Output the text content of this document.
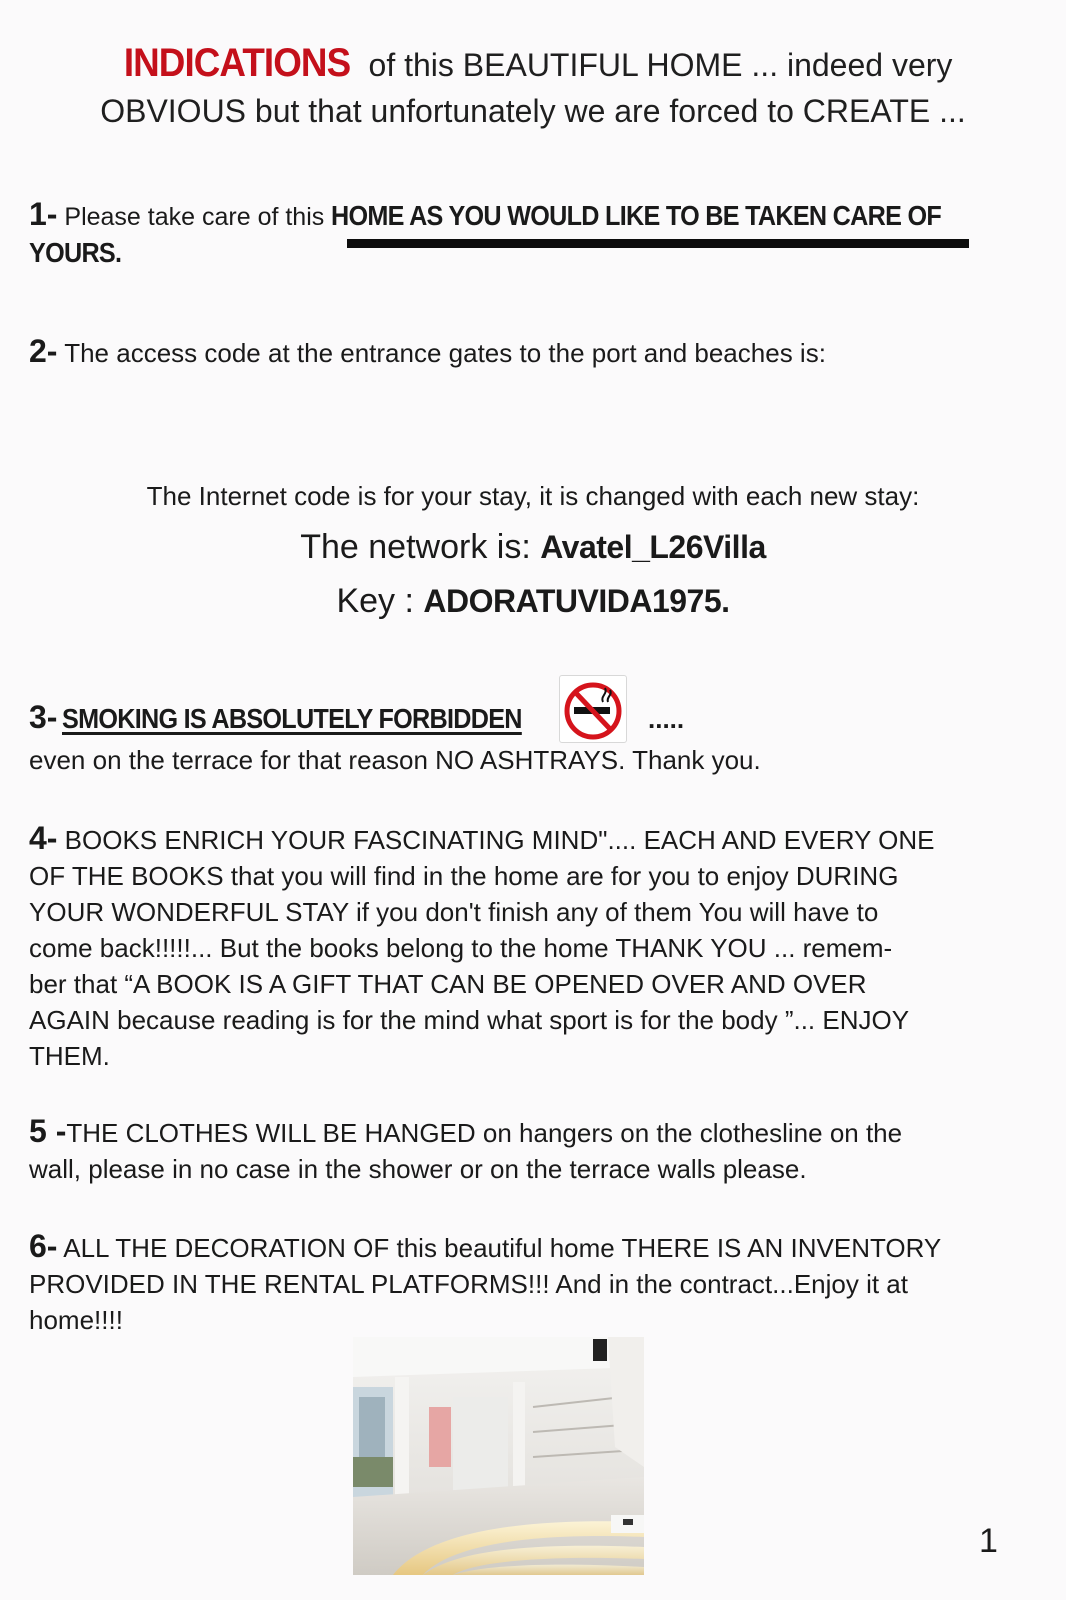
INDICATIONS of this BEAUTIFUL HOME ... indeed very
OBVIOUS but that unfortunately we are forced to CREATE ...
1- Please take care of this HOME AS YOU WOULD LIKE TO BE TAKEN CARE OF
YOURS.
2- The access code at the entrance gates to the port and beaches is:
The Internet code is for your stay, it is changed with each new stay:
The network is: Avatel_L26Villa
Key : ADORATUVIDA1975.
3- SMOKING IS ABSOLUTELY FORBIDDEN	.....
even on the terrace for that reason NO ASHTRAYS. Thank you.
4- BOOKS ENRICH YOUR FASCINATING MIND".... EACH AND EVERY ONE
OF THE BOOKS that you will find in the home are for you to enjoy DURING
YOUR WONDERFUL STAY if you don't finish any of them You will have to
come back!!!!!... But the books belong to the home THANK YOU ... remem-
ber that “A BOOK IS A GIFT THAT CAN BE OPENED OVER AND OVER
AGAIN because reading is for the mind what sport is for the body ”... ENJOY
THEM.
5 -THE CLOTHES WILL BE HANGED on hangers on the clothesline on the
wall, please in no case in the shower or on the terrace walls please.
6- ALL THE DECORATION OF this beautiful home THERE IS AN INVENTORY
PROVIDED IN THE RENTAL PLATFORMS!!! And in the contract...Enjoy it at
home!!!!
1
